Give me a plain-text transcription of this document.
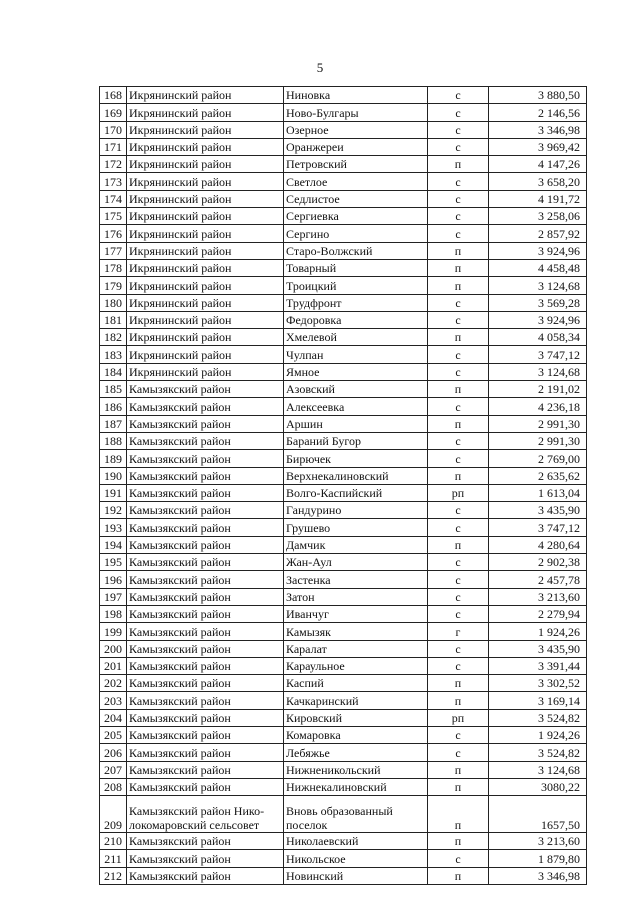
5
168	Икрянинский район	Ниновка	с	3 880,50
169	Икрянинский район	Ново-Булгары	с	2 146,56
170	Икрянинский район	Озерное	с	3 346,98
171	Икрянинский район	Оранжереи	с	3 969,42
172	Икрянинский район	Петровский	п	4 147,26
173	Икрянинский район	Светлое	с	3 658,20
174	Икрянинский район	Седлистое	с	4 191,72
175	Икрянинский район	Сергиевка	с	3 258,06
176	Икрянинский район	Сергино	с	2 857,92
177	Икрянинский район	Старо-Волжский	п	3 924,96
178	Икрянинский район	Товарный	п	4 458,48
179	Икрянинский район	Троицкий	п	3 124,68
180	Икрянинский район	Трудфронт	с	3 569,28
181	Икрянинский район	Федоровка	с	3 924,96
182	Икрянинский район	Хмелевой	п	4 058,34
183	Икрянинский район	Чулпан	с	3 747,12
184	Икрянинский район	Ямное	с	3 124,68
185	Камызякский район	Азовский	п	2 191,02
186	Камызякский район	Алексеевка	с	4 236,18
187	Камызякский район	Аршин	п	2 991,30
188	Камызякский район	Бараний Бугор	с	2 991,30
189	Камызякский район	Бирючек	с	2 769,00
190	Камызякский район	Верхнекалиновский	п	2 635,62
191	Камызякский район	Волго-Каспийский	рп	1 613,04
192	Камызякский район	Гандурино	с	3 435,90
193	Камызякский район	Грушево	с	3 747,12
194	Камызякский район	Дамчик	п	4 280,64
195	Камызякский район	Жан-Аул	с	2 902,38
196	Камызякский район	Застенка	с	2 457,78
197	Камызякский район	Затон	с	3 213,60
198	Камызякский район	Иванчуг	с	2 279,94
199	Камызякский район	Камызяк	г	1 924,26
200	Камызякский район	Каралат	с	3 435,90
201	Камызякский район	Караульное	с	3 391,44
202	Камызякский район	Каспий	п	3 302,52
203	Камызякский район	Качкаринский	п	3 169,14
204	Камызякский район	Кировский	рп	3 524,82
205	Камызякский район	Комаровка	с	1 924,26
206	Камызякский район	Лебяжье	с	3 524,82
207	Камызякский район	Нижненикольский	п	3 124,68
208	Камызякский район	Нижнекалиновский	п	3080,22
209	Камызякский район Нико-локомаровский сельсовет	Вновь образованный поселок	п	1657,50
210	Камызякский район	Николаевский	п	3 213,60
211	Камызякский район	Никольское	с	1 879,80
212	Камызякский район	Новинский	п	3 346,98
